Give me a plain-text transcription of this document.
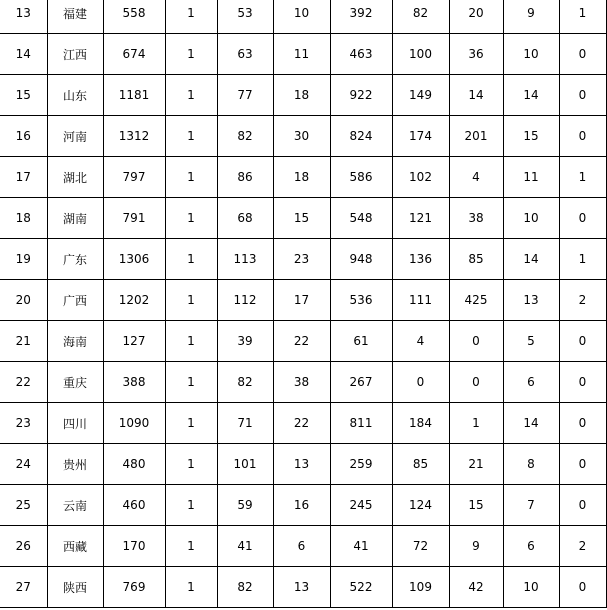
13	福建	558	1	53	10	392	82	20	9	1
14	江西	674	1	63	11	463	100	36	10	0
15	山东	1181	1	77	18	922	149	14	14	0
16	河南	1312	1	82	30	824	174	201	15	0
17	湖北	797	1	86	18	586	102	4	11	1
18	湖南	791	1	68	15	548	121	38	10	0
19	广东	1306	1	113	23	948	136	85	14	1
20	广西	1202	1	112	17	536	111	425	13	2
21	海南	127	1	39	22	61	4	0	5	0
22	重庆	388	1	82	38	267	0	0	6	0
23	四川	1090	1	71	22	811	184	1	14	0
24	贵州	480	1	101	13	259	85	21	8	0
25	云南	460	1	59	16	245	124	15	7	0
26	西藏	170	1	41	6	41	72	9	6	2
27	陕西	769	1	82	13	522	109	42	10	0
